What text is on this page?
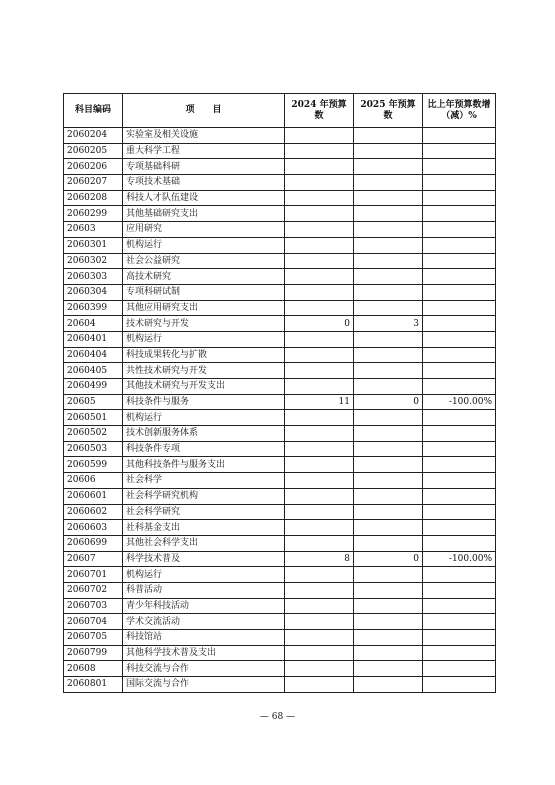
科目编码	项　　目	2024 年预算数	2025 年预算数	比上年预算数增（减）%
2060204	实验室及相关设施			
2060205	重大科学工程			
2060206	专项基础科研			
2060207	专项技术基础			
2060208	科技人才队伍建设			
2060299	其他基础研究支出			
20603	应用研究			
2060301	机构运行			
2060302	社会公益研究			
2060303	高技术研究			
2060304	专项科研试制			
2060399	其他应用研究支出			
20604	技术研究与开发	0	3	
2060401	机构运行			
2060404	科技成果转化与扩散			
2060405	共性技术研究与开发			
2060499	其他技术研究与开发支出			
20605	科技条件与服务	11	0	-100.00%
2060501	机构运行			
2060502	技术创新服务体系			
2060503	科技条件专项			
2060599	其他科技条件与服务支出			
20606	社会科学			
2060601	社会科学研究机构			
2060602	社会科学研究			
2060603	社科基金支出			
2060699	其他社会科学支出			
20607	科学技术普及	8	0	-100.00%
2060701	机构运行			
2060702	科普活动			
2060703	青少年科技活动			
2060704	学术交流活动			
2060705	科技馆站			
2060799	其他科学技术普及支出			
20608	科技交流与合作			
2060801	国际交流与合作			
— 68 —
